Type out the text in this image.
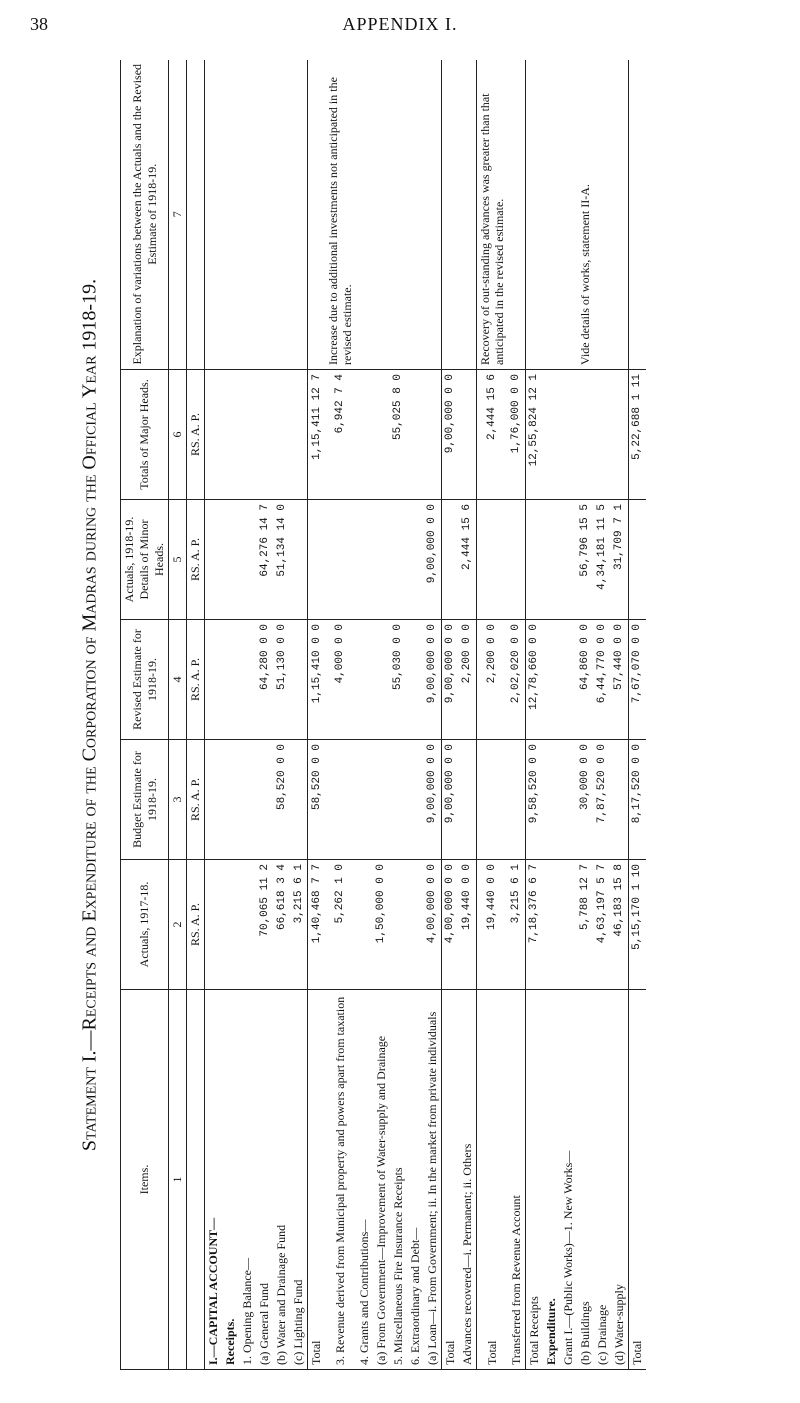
38	APPENDIX I.
Statement I.—Receipts and Expenditure of the Corporation of Madras during the Official Year 1918-19.
Items.	Actuals, 1917-18.	Budget Estimate for 1918-19.	Revised Estimate for 1918-19.	Actuals, 1918-19.
Details of Minor Heads.	Totals of Major Heads.	Explanation of variations between the Actuals and the Revised Estimate of 1918-19.
1	2	3	4	5	6	7
	RS. A. P.	RS. A. P.	RS. A. P.	RS. A. P.	RS. A. P.	
I.—CAPITAL ACCOUNT—						
Receipts.						
1. Opening Balance—						
(a) General Fund	70,065 11 2		64,280 0 0	64,276 14 7		
(b) Water and Drainage Fund	66,618 3 4	58,520 0 0	51,130 0 0	51,134 14 0		
(c) Lighting Fund	3,215 6 1					
Total	1,40,468 7 7	58,520 0 0	1,15,410 0 0		1,15,411 12 7	
3. Revenue derived from Municipal property and powers apart from taxation	5,262 1 0		4,000 0 0		6,942 7 4	Increase due to additional investments not anticipated in the revised estimate.
4. Grants and Contributions—						
(a) From Government—Improvement of Water-supply and Drainage	1,50,000 0 0					
5. Miscellaneous Fire Insurance Receipts			55,030 0 0		55,025 8 0	
6. Extraordinary and Debt—						
(a) Loan—i. From Government; ii. In the market from private individuals	4,00,000 0 0	9,00,000 0 0	9,00,000 0 0	9,00,000 0 0		
Total	4,00,000 0 0	9,00,000 0 0	9,00,000 0 0		9,00,000 0 0	
Advances recovered—i. Permanent; ii. Others	19,440 0 0		2,200 0 0	2,444 15 6		
Total	19,440 0 0		2,200 0 0		2,444 15 6	Recovery of out-standing advances was greater than that anticipated in the revised estimate.
Transferred from Revenue Account	3,215 6 1		2,02,020 0 0		1,76,000 0 0	
Total Receipts	7,18,376 6 7	9,58,520 0 0	12,78,660 0 0		12,55,824 12 1	
Expenditure.						
Grant I.—(Public Works)—1. New Works—						
(b) Buildings	5,788 12 7	30,000 0 0	64,860 0 0	56,796 15 5		Vide details of works, statement II-A.
(c) Drainage	4,63,197 5 7	7,87,520 0 0	6,44,770 0 0	4,34,181 11 5		
(d) Water-supply	46,183 15 8		57,440 0 0	31,709 7 1		
Total	5,15,170 1 10	8,17,520 0 0	7,67,070 0 0		5,22,688 1 11	
